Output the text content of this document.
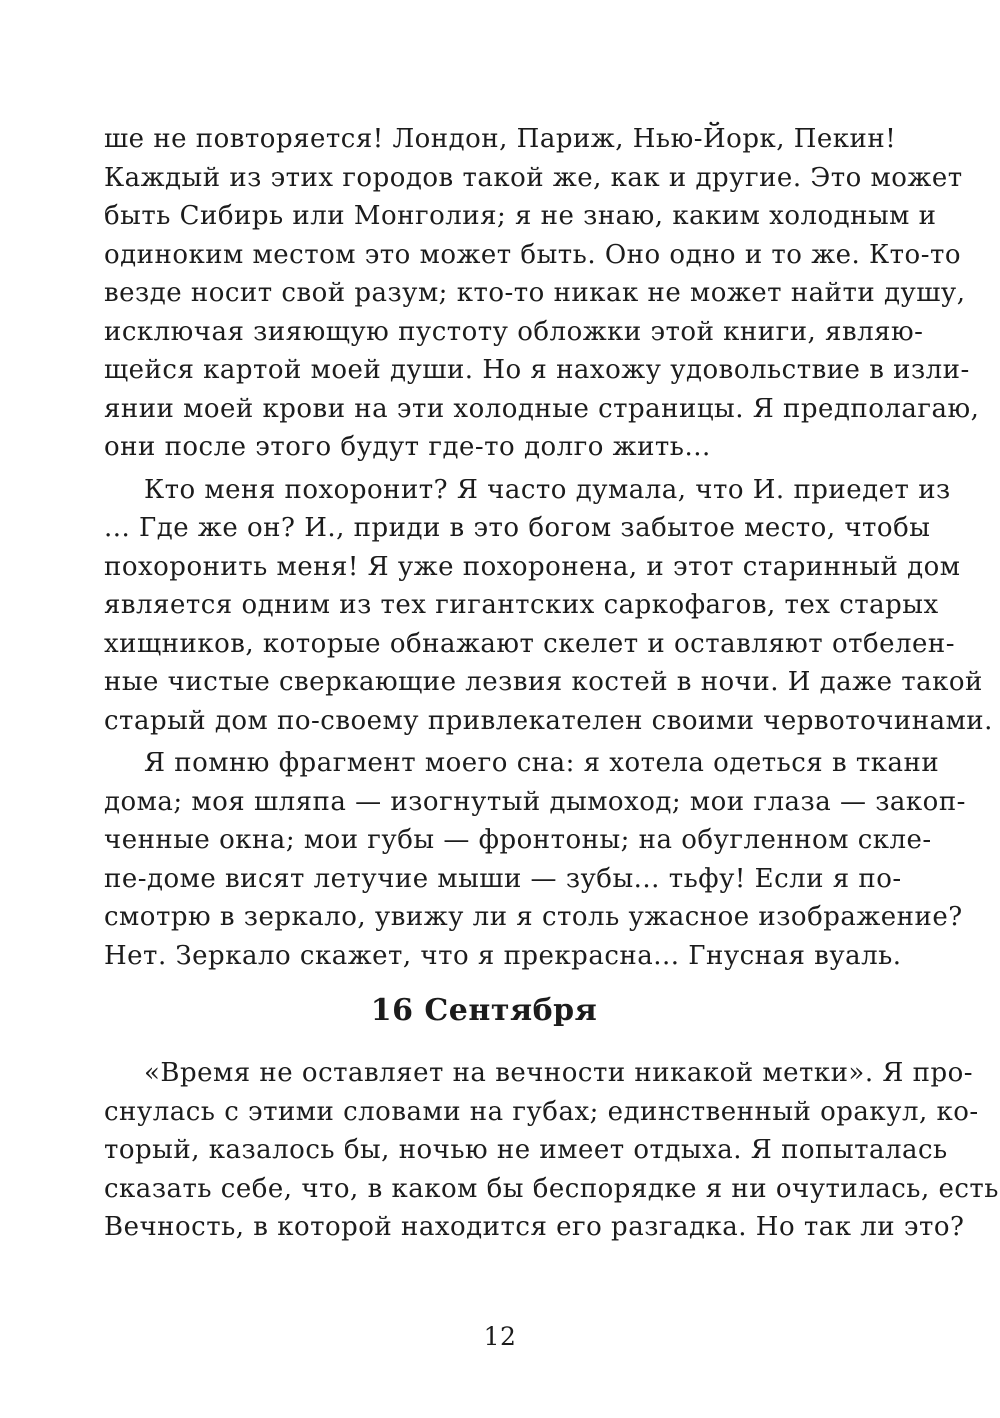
ше не повторяется! Лондон, Париж, Нью-Йорк, Пекин!

Каждый из этих городов такой же, как и другие. Это может

быть Сибирь или Монголия; я не знаю, каким холодным и

одиноким местом это может быть. Оно одно и то же. Кто-то

везде носит свой разум; кто-то никак не может найти душу,

исключая зияющую пустоту обложки этой книги, являю-

щейся картой моей души. Но я нахожу удовольствие в изли-

янии моей крови на эти холодные страницы. Я предполагаю,

они после этого будут где-то долго жить...

Кто меня похоронит? Я часто думала, что И. приедет из

... Где же он? И., приди в это богом забытое место, чтобы

похоронить меня! Я уже похоронена, и этот старинный дом

является одним из тех гигантских саркофагов, тех старых

хищников, которые обнажают скелет и оставляют отбелен-

ные чистые сверкающие лезвия костей в ночи. И даже такой

старый дом по-своему привлекателен своими червоточинами.

Я помню фрагмент моего сна: я хотела одеться в ткани

дома; моя шляпа — изогнутый дымоход; мои глаза — закоп-

ченные окна; мои губы — фронтоны; на обугленном скле-

пе-доме висят летучие мыши — зубы... тьфу! Если я по-

смотрю в зеркало, увижу ли я столь ужасное изображение?

Нет. Зеркало скажет, что я прекрасна... Гнусная вуаль.

16 Сентября

«Время не оставляет на вечности никакой метки». Я про-

снулась с этими словами на губах; единственный оракул, ко-

торый, казалось бы, ночью не имеет отдыха. Я попыталась

сказать себе, что, в каком бы беспорядке я ни очутилась, есть

Вечность, в которой находится его разгадка. Но так ли это?

12
